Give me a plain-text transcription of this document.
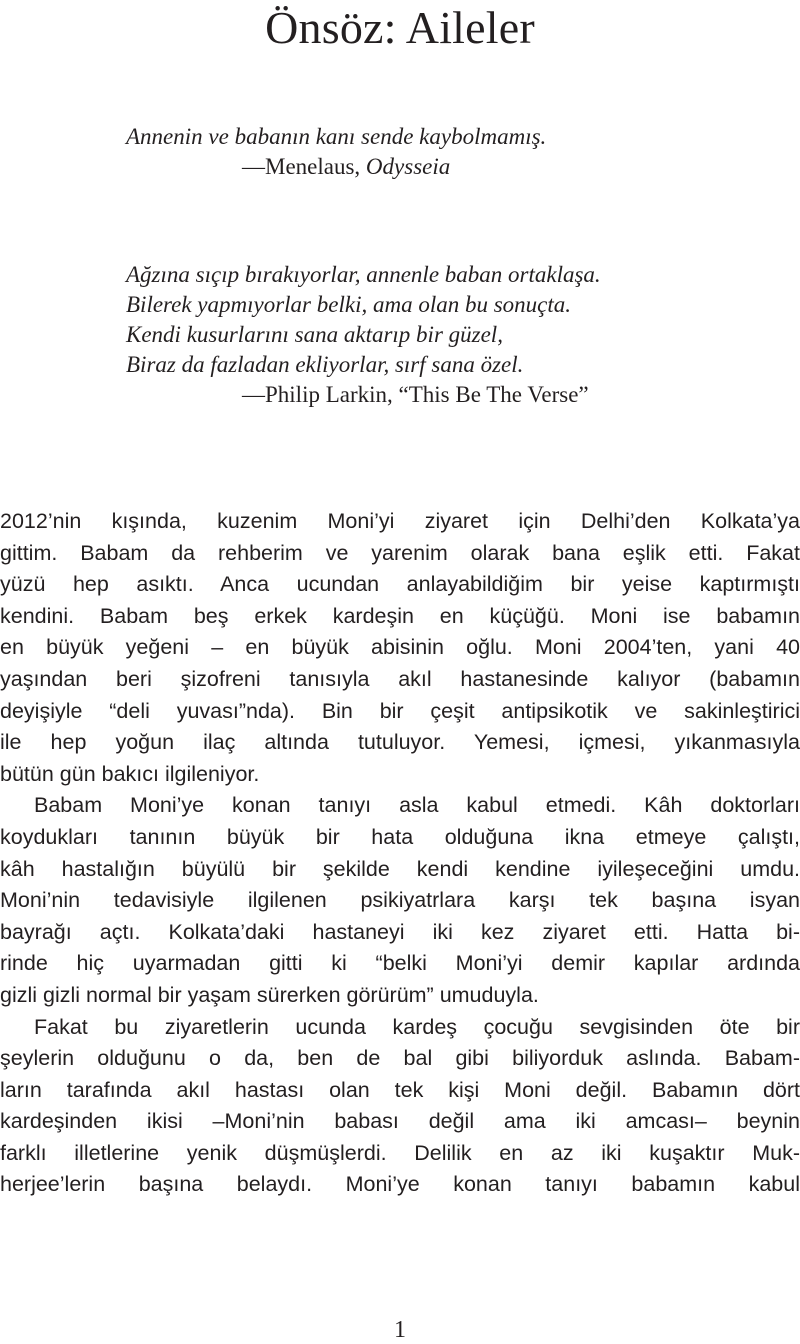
Önsöz: Aileler
Annenin ve babanın kanı sende kaybolmamış.
—Menelaus, Odysseia
Ağzına sıçıp bırakıyorlar, annenle baban ortaklaşa.
Bilerek yapmıyorlar belki, ama olan bu sonuçta.
Kendi kusurlarını sana aktarıp bir güzel,
Biraz da fazladan ekliyorlar, sırf sana özel.
—Philip Larkin, “This Be The Verse”
2012’nin kışında, kuzenim Moni’yi ziyaret için Delhi’den Kolkata’ya
gittim. Babam da rehberim ve yarenim olarak bana eşlik etti. Fakat
yüzü hep asıktı. Anca ucundan anlayabildiğim bir yeise kaptırmıştı
kendini. Babam beş erkek kardeşin en küçüğü. Moni ise babamın
en büyük yeğeni – en büyük abisinin oğlu. Moni 2004’ten, yani 40
yaşından beri şizofreni tanısıyla akıl hastanesinde kalıyor (babamın
deyişiyle “deli yuvası”nda). Bin bir çeşit antipsikotik ve sakinleştirici
ile hep yoğun ilaç altında tutuluyor. Yemesi, içmesi, yıkanmasıyla
bütün gün bakıcı ilgileniyor.
Babam Moni’ye konan tanıyı asla kabul etmedi. Kâh doktorları
koydukları tanının büyük bir hata olduğuna ikna etmeye çalıştı,
kâh hastalığın büyülü bir şekilde kendi kendine iyileşeceğini umdu.
Moni’nin tedavisiyle ilgilenen psikiyatrlara karşı tek başına isyan
bayrağı açtı. Kolkata’daki hastaneyi iki kez ziyaret etti. Hatta bi-
rinde hiç uyarmadan gitti ki “belki Moni’yi demir kapılar ardında
gizli gizli normal bir yaşam sürerken görürüm” umuduyla.
Fakat bu ziyaretlerin ucunda kardeş çocuğu sevgisinden öte bir
şeylerin olduğunu o da, ben de bal gibi biliyorduk aslında. Babam-
ların tarafında akıl hastası olan tek kişi Moni değil. Babamın dört
kardeşinden ikisi –Moni’nin babası değil ama iki amcası– beynin
farklı illetlerine yenik düşmüşlerdi. Delilik en az iki kuşaktır Muk-
herjee’lerin başına belaydı. Moni’ye konan tanıyı babamın kabul
1
